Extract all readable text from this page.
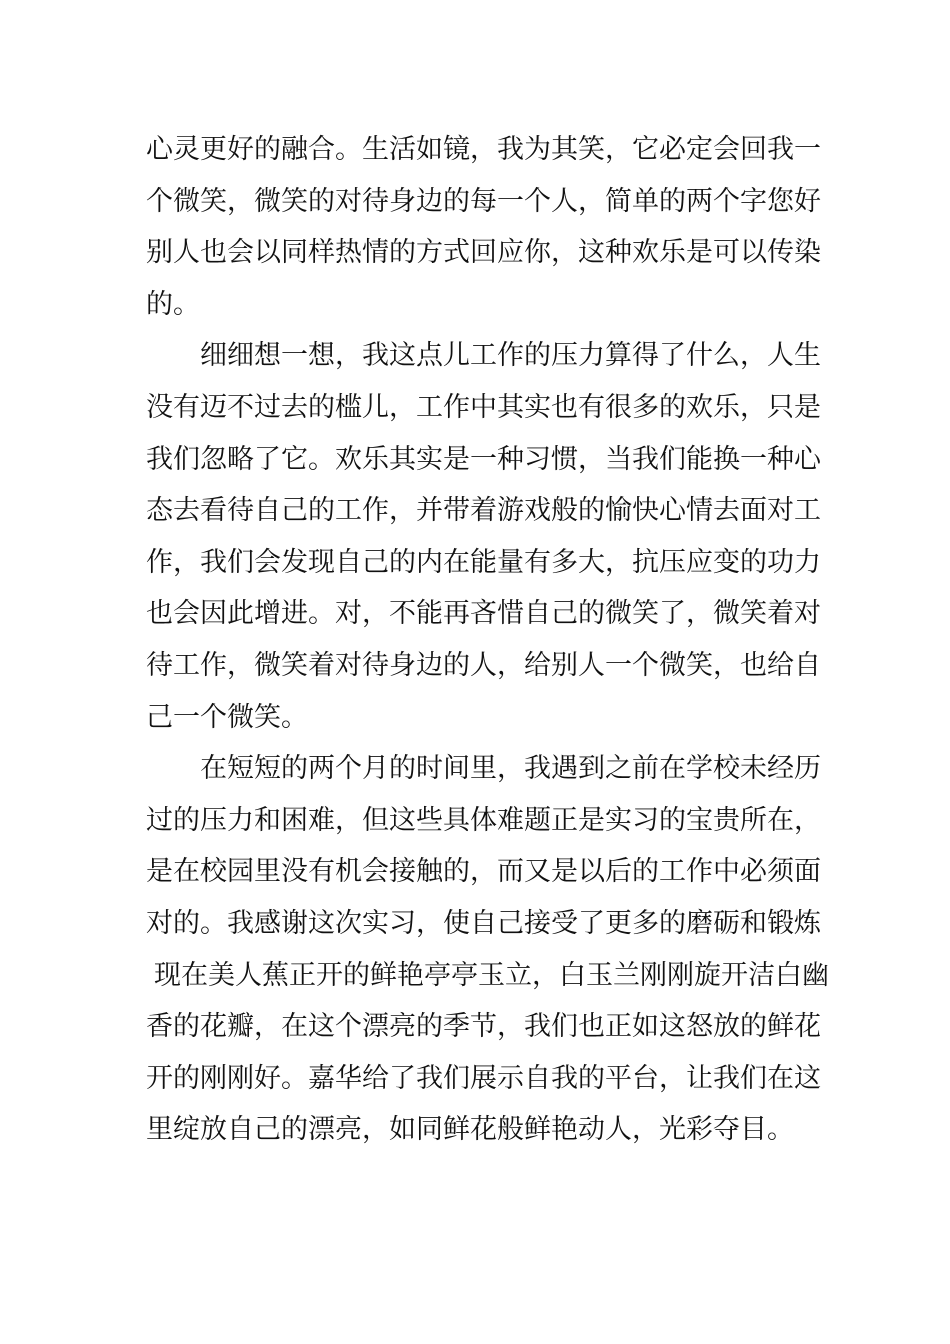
心灵更好的融合。生活如镜，我为其笑，它必定会回我一
个微笑，微笑的对待身边的每一个人，简单的两个字您好
别人也会以同样热情的方式回应你，这种欢乐是可以传染
的。
细细想一想，我这点儿工作的压力算得了什么，人生
没有迈不过去的槛儿，工作中其实也有很多的欢乐，只是
我们忽略了它。欢乐其实是一种习惯，当我们能换一种心
态去看待自己的工作，并带着游戏般的愉快心情去面对工
作，我们会发现自己的内在能量有多大，抗压应变的功力
也会因此增进。对，不能再吝惜自己的微笑了，微笑着对
待工作，微笑着对待身边的人，给别人一个微笑，也给自
己一个微笑。
在短短的两个月的时间里，我遇到之前在学校未经历
过的压力和困难，但这些具体难题正是实习的宝贵所在，
是在校园里没有机会接触的，而又是以后的工作中必须面
对的。我感谢这次实习，使自己接受了更多的磨砺和锻炼
现在美人蕉正开的鲜艳亭亭玉立，白玉兰刚刚旋开洁白幽
香的花瓣，在这个漂亮的季节，我们也正如这怒放的鲜花
开的刚刚好。嘉华给了我们展示自我的平台，让我们在这
里绽放自己的漂亮，如同鲜花般鲜艳动人，光彩夺目。
